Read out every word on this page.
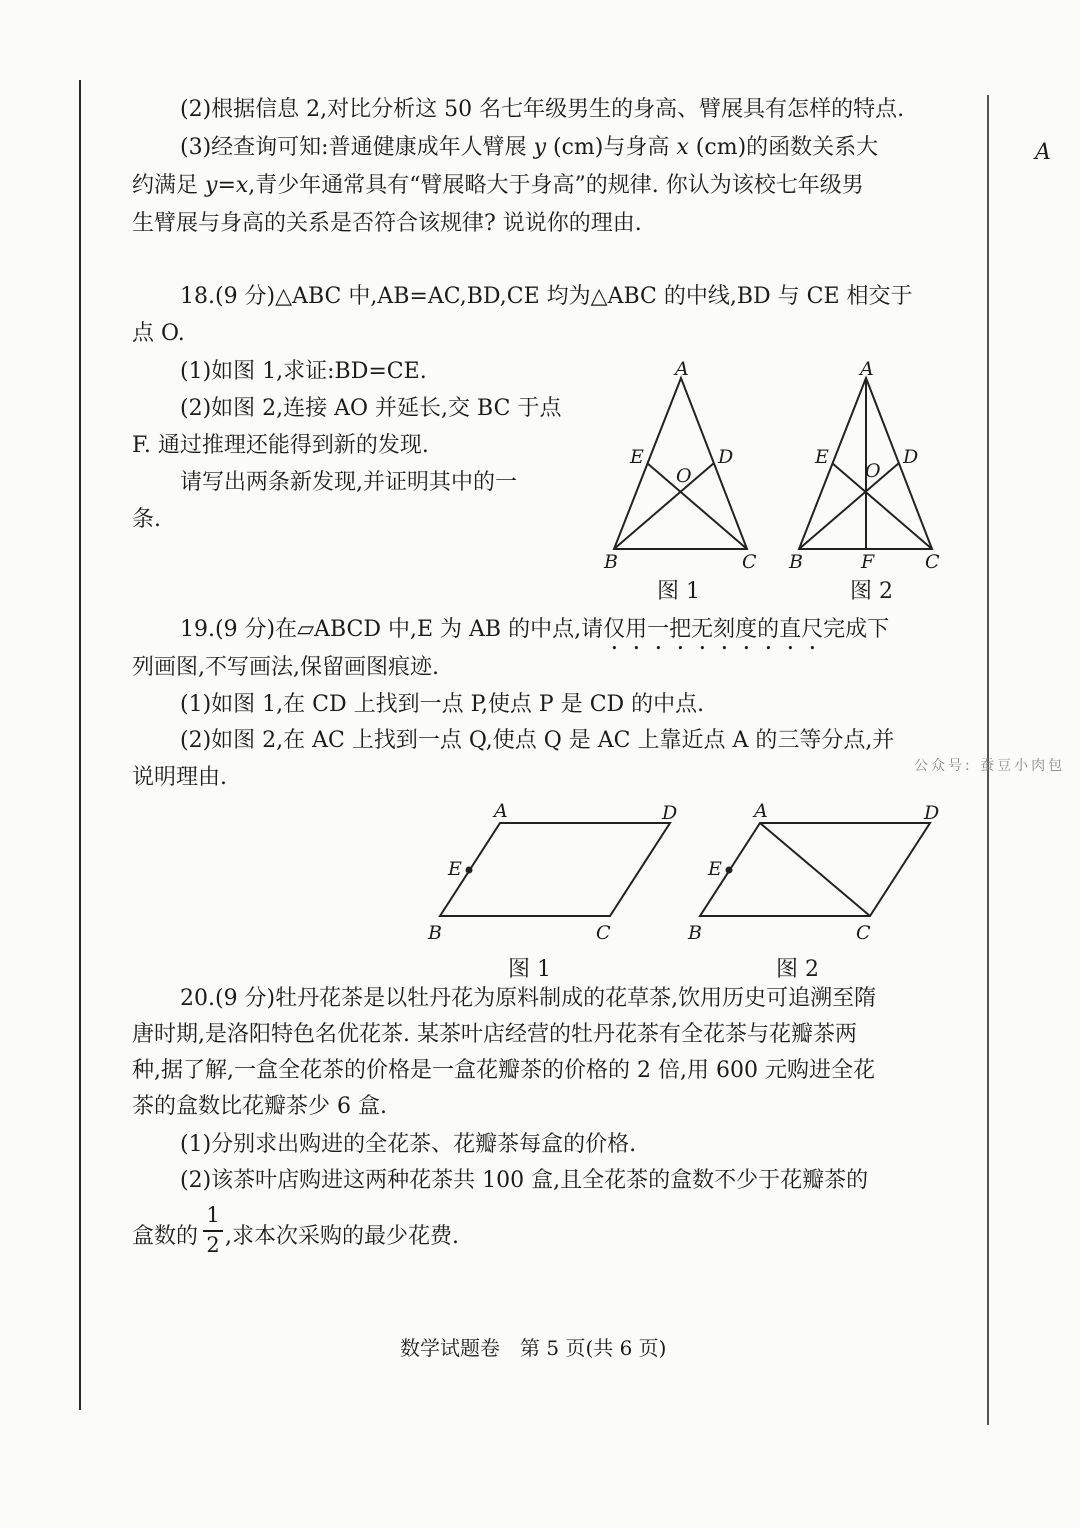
A
(2)根据信息 2,对比分析这 50 名七年级男生的身高、臂展具有怎样的特点.
(3)经查询可知:普通健康成年人臂展 y (cm)与身高 x (cm)的函数关系大
约满足 y=x,青少年通常具有“臂展略大于身高”的规律. 你认为该校七年级男
生臂展与身高的关系是否符合该规律? 说说你的理由.
18.(9 分)△ABC 中,AB=AC,BD,CE 均为△ABC 的中线,BD 与 CE 相交于
点 O.
(1)如图 1,求证:BD=CE.
(2)如图 2,连接 AO 并延长,交 BC 于点
F. 通过推理还能得到新的发现.
请写出两条新发现,并证明其中的一
条.
A
E	D
O
B	C
图 1
A
E	D
O
B	F	C
图 2
19.(9 分)在▱ABCD 中,E 为 AB 的中点,请仅用一把无刻度的直尺完成下
列画图,不写画法,保留画图痕迹.
(1)如图 1,在 CD 上找到一点 P,使点 P 是 CD 的中点.
(2)如图 2,在 AC 上找到一点 Q,使点 Q 是 AC 上靠近点 A 的三等分点,并
说明理由.	公众号: 蚕豆小肉包
A	D
E
B	C
图 1
A	D
E
B	C
图 2
20.(9 分)牡丹花茶是以牡丹花为原料制成的花草茶,饮用历史可追溯至隋
唐时期,是洛阳特色名优花茶. 某茶叶店经营的牡丹花茶有全花茶与花瓣茶两
种,据了解,一盒全花茶的价格是一盒花瓣茶的价格的 2 倍,用 600 元购进全花
茶的盒数比花瓣茶少 6 盒.
(1)分别求出购进的全花茶、花瓣茶每盒的价格.
(2)该茶叶店购进这两种花茶共 100 盒,且全花茶的盒数不少于花瓣茶的
盒数的
1
2 ,求本次采购的最少花费.
数学试题卷　第 5 页(共 6 页)
